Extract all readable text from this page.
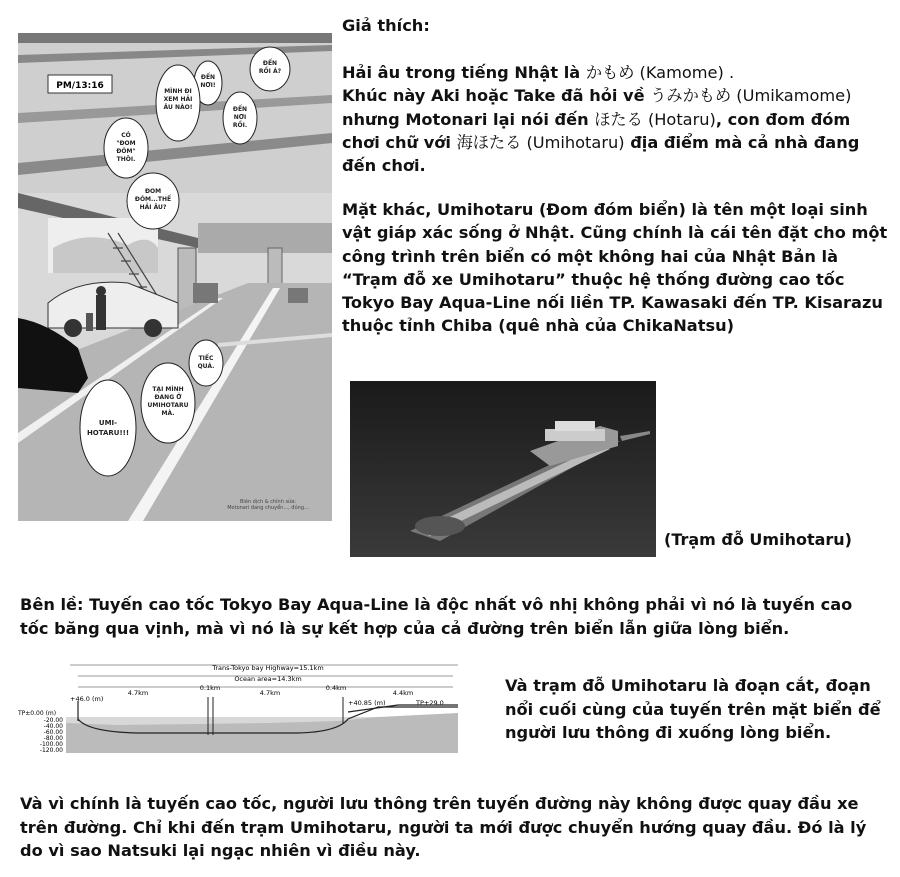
PM/13:16
ĐẾN RỒI Á?
ĐẾN NƠI!
MÌNH ĐI XEM HẢI ÂU NÀO!	ĐẾN NƠI RỒI.
CÓ "ĐOM ĐÓM" THÔI.
ĐOM ĐÓM...THẾ HẢI ÂU?
TIẾC QUÁ.
TẠI MÌNH ĐANG Ở UMIHOTARU MÀ.
UMI-HOTARU!!!
Biên dịch & chỉnh sửa: Motonari đang chuyển..., đúng...

Giả thích:

Hải âu trong tiếng Nhật là かもめ (Kamome) .
Khúc này Aki hoặc Take đã hỏi về うみかもめ (Umikamome) nhưng Motonari lại nói đến ほたる (Hotaru), con đom đóm chơi chữ với 海ほたる (Umihotaru) địa điểm mà cả nhà đang đến chơi.

Mặt khác, Umihotaru (Đom đóm biển) là tên một loại sinh vật giáp xác sống ở Nhật. Cũng chính là cái tên đặt cho một công trình trên biển có một không hai của Nhật Bản là “Trạm đỗ xe Umihotaru” thuộc hệ thống đường cao tốc Tokyo Bay Aqua-Line nối liền TP. Kawasaki đến TP. Kisarazu thuộc tỉnh Chiba (quê nhà của ChikaNatsu)

(Trạm đỗ Umihotaru)
Bên lề: Tuyến cao tốc Tokyo Bay Aqua-Line là độc nhất vô nhị không phải vì nó là tuyến cao tốc băng qua vịnh, mà vì nó là sự kết hợp của cả đường trên biển lẫn giữa lòng biển.
Trans-Tokyo bay Highway=15.1km
Ocean area=14.3km
4.7km
0.1km
4.7km
0.4km
4.4km
+46.0 (m)	+40.85 (m)	TP+29.0
TP±0.00 (m)
-20.00
-40.00
-60.00
-80.00
-100.00
-120.00
Và trạm đỗ Umihotaru là đoạn cắt, đoạn nổi cuối cùng của tuyến trên mặt biển để người lưu thông đi xuống lòng biển.
Và vì chính là tuyến cao tốc, người lưu thông trên tuyến đường này không được quay đầu xe trên đường. Chỉ khi đến trạm Umihotaru, người ta mới được chuyển hướng quay đầu. Đó là lý do vì sao Natsuki lại ngạc nhiên vì điều này.
